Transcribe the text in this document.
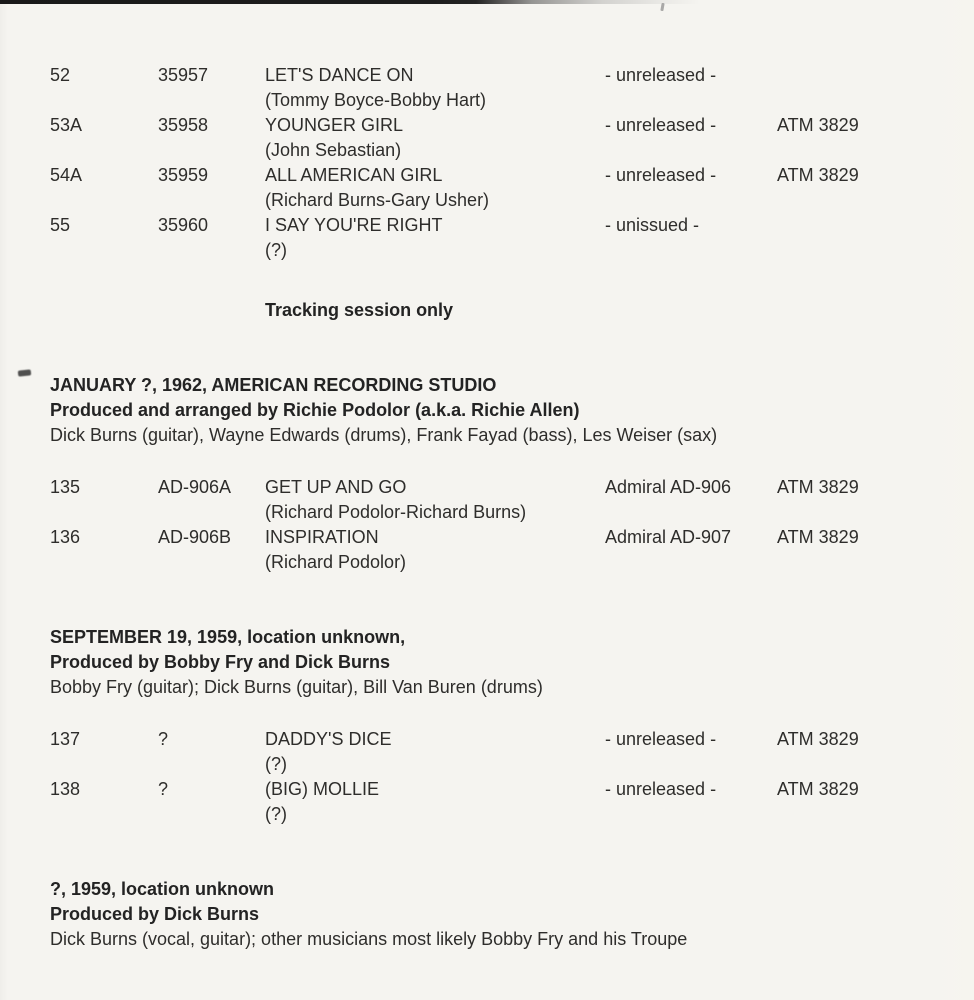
52	35957	LET'S DANCE ON
(Tommy Boyce-Bobby Hart)
- unreleased -
53A	35958	YOUNGER GIRL
(John Sebastian)
- unreleased -	ATM 3829
54A	35959	ALL AMERICAN GIRL
(Richard Burns-Gary Usher)
- unreleased -	ATM 3829
55	35960	I SAY YOU'RE RIGHT
(?)
- unissued -
Tracking session only
JANUARY ?, 1962, AMERICAN RECORDING STUDIO
Produced and arranged by Richie Podolor (a.k.a. Richie Allen)
Dick Burns (guitar), Wayne Edwards (drums), Frank Fayad (bass), Les Weiser (sax)
135	AD-906A	GET UP AND GO
(Richard Podolor-Richard Burns)
Admiral AD-906	ATM 3829
136	AD-906B	INSPIRATION
(Richard Podolor)
Admiral AD-907	ATM 3829
SEPTEMBER 19, 1959, location unknown,
Produced by Bobby Fry and Dick Burns
Bobby Fry (guitar); Dick Burns (guitar), Bill Van Buren (drums)
137	?	DADDY'S DICE
(?)
- unreleased -	ATM 3829
138	?	(BIG) MOLLIE
(?)
- unreleased -	ATM 3829
?, 1959, location unknown
Produced by Dick Burns
Dick Burns (vocal, guitar); other musicians most likely Bobby Fry and his Troupe
